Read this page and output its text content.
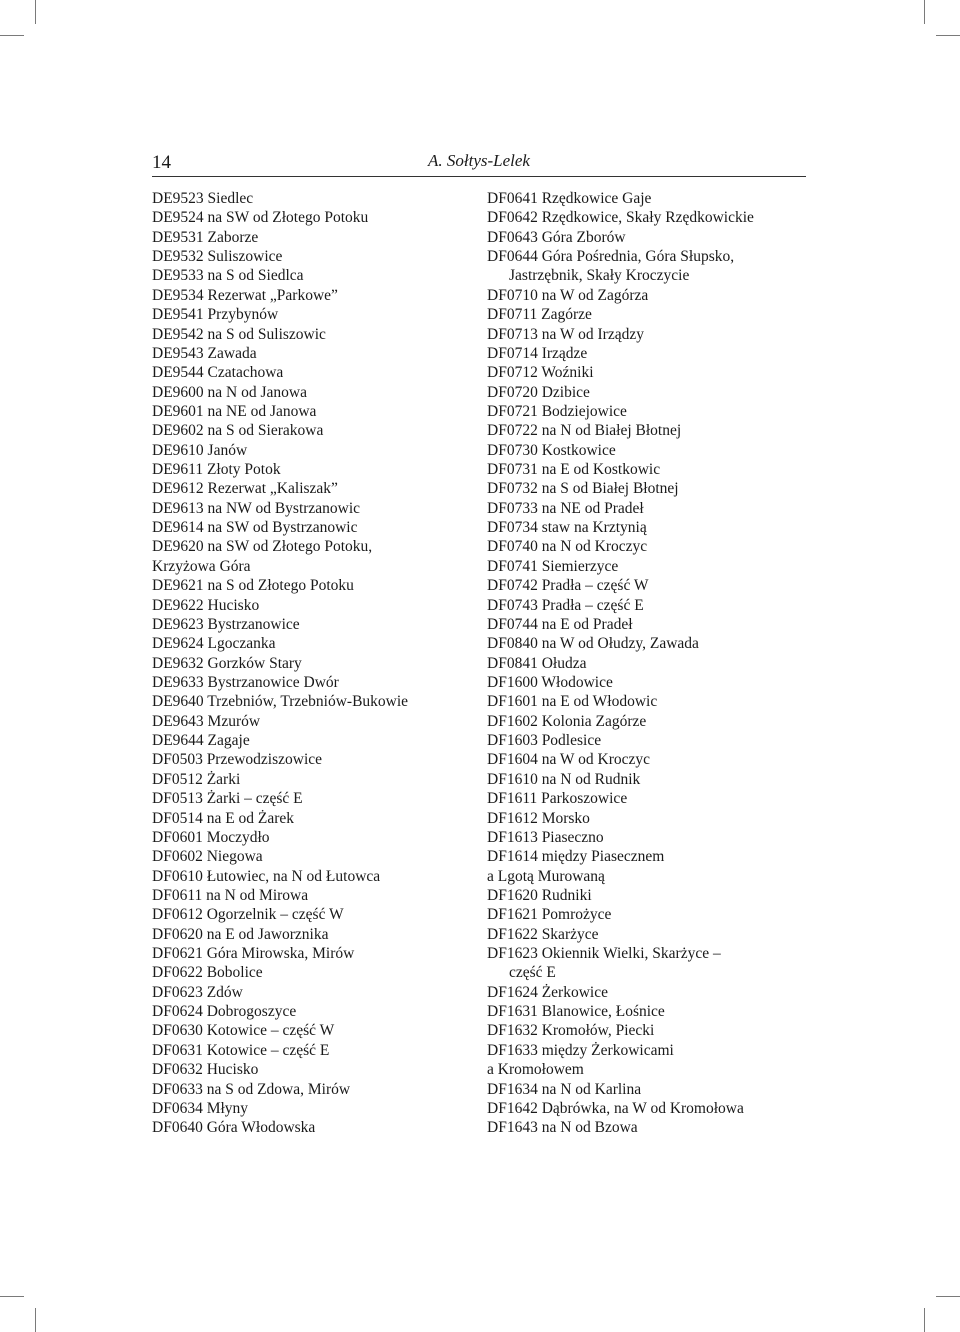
14	A. Sołtys-Lelek
DE9523 Siedlec
DE9524 na SW od Złotego Potoku
DE9531 Zaborze
DE9532 Suliszowice
DE9533 na S od Siedlca
DE9534 Rezerwat „Parkowe”
DE9541 Przybynów
DE9542 na S od Suliszowic
DE9543 Zawada
DE9544 Czatachowa
DE9600 na N od Janowa
DE9601 na NE od Janowa
DE9602 na S od Sierakowa
DE9610 Janów
DE9611 Złoty Potok
DE9612 Rezerwat „Kaliszak”
DE9613 na NW od Bystrzanowic
DE9614 na SW od Bystrzanowic
DE9620 na SW od Złotego Potoku,
Krzyżowa Góra
DE9621 na S od Złotego Potoku
DE9622 Hucisko
DE9623 Bystrzanowice
DE9624 Lgoczanka
DE9632 Gorzków Stary
DE9633 Bystrzanowice Dwór
DE9640 Trzebniów, Trzebniów-Bukowie
DE9643 Mzurów
DE9644 Zagaje
DF0503 Przewodziszowice
DF0512 Żarki
DF0513 Żarki – część E
DF0514 na E od Żarek
DF0601 Moczydło
DF0602 Niegowa
DF0610 Łutowiec, na N od Łutowca
DF0611 na N od Mirowa
DF0612 Ogorzelnik – część W
DF0620 na E od Jaworznika
DF0621 Góra Mirowska, Mirów
DF0622 Bobolice
DF0623 Zdów
DF0624 Dobrogoszyce
DF0630 Kotowice – część W
DF0631 Kotowice – część E
DF0632 Hucisko
DF0633 na S od Zdowa, Mirów
DF0634 Młyny
DF0640 Góra Włodowska
DF0641 Rzędkowice Gaje
DF0642 Rzędkowice, Skały Rzędkowickie
DF0643 Góra Zborów
DF0644 Góra Pośrednia, Góra Słupsko,
Jastrzębnik, Skały Kroczycie
DF0710 na W od Zagórza
DF0711 Zagórze
DF0713 na W od Irządzy
DF0714 Irządze
DF0712 Woźniki
DF0720 Dzibice
DF0721 Bodziejowice
DF0722 na N od Białej Błotnej
DF0730 Kostkowice
DF0731 na E od Kostkowic
DF0732 na S od Białej Błotnej
DF0733 na NE od Pradeł
DF0734 staw na Krztynią
DF0740 na N od Kroczyc
DF0741 Siemierzyce
DF0742 Pradła – część W
DF0743 Pradła – część E
DF0744 na E od Pradeł
DF0840 na W od Ołudzy, Zawada
DF0841 Ołudza
DF1600 Włodowice
DF1601 na E od Włodowic
DF1602 Kolonia Zagórze
DF1603 Podlesice
DF1604 na W od Kroczyc
DF1610 na N od Rudnik
DF1611 Parkoszowice
DF1612 Morsko
DF1613 Piaseczno
DF1614 między Piasecznem
a Lgotą Murowaną
DF1620 Rudniki
DF1621 Pomrożyce
DF1622 Skarżyce
DF1623 Okiennik Wielki, Skarżyce –
część E
DF1624 Żerkowice
DF1631 Blanowice, Łośnice
DF1632 Kromołów, Piecki
DF1633 między Żerkowicami
a Kromołowem
DF1634 na N od Karlina
DF1642 Dąbrówka, na W od Kromołowa
DF1643 na N od Bzowa
